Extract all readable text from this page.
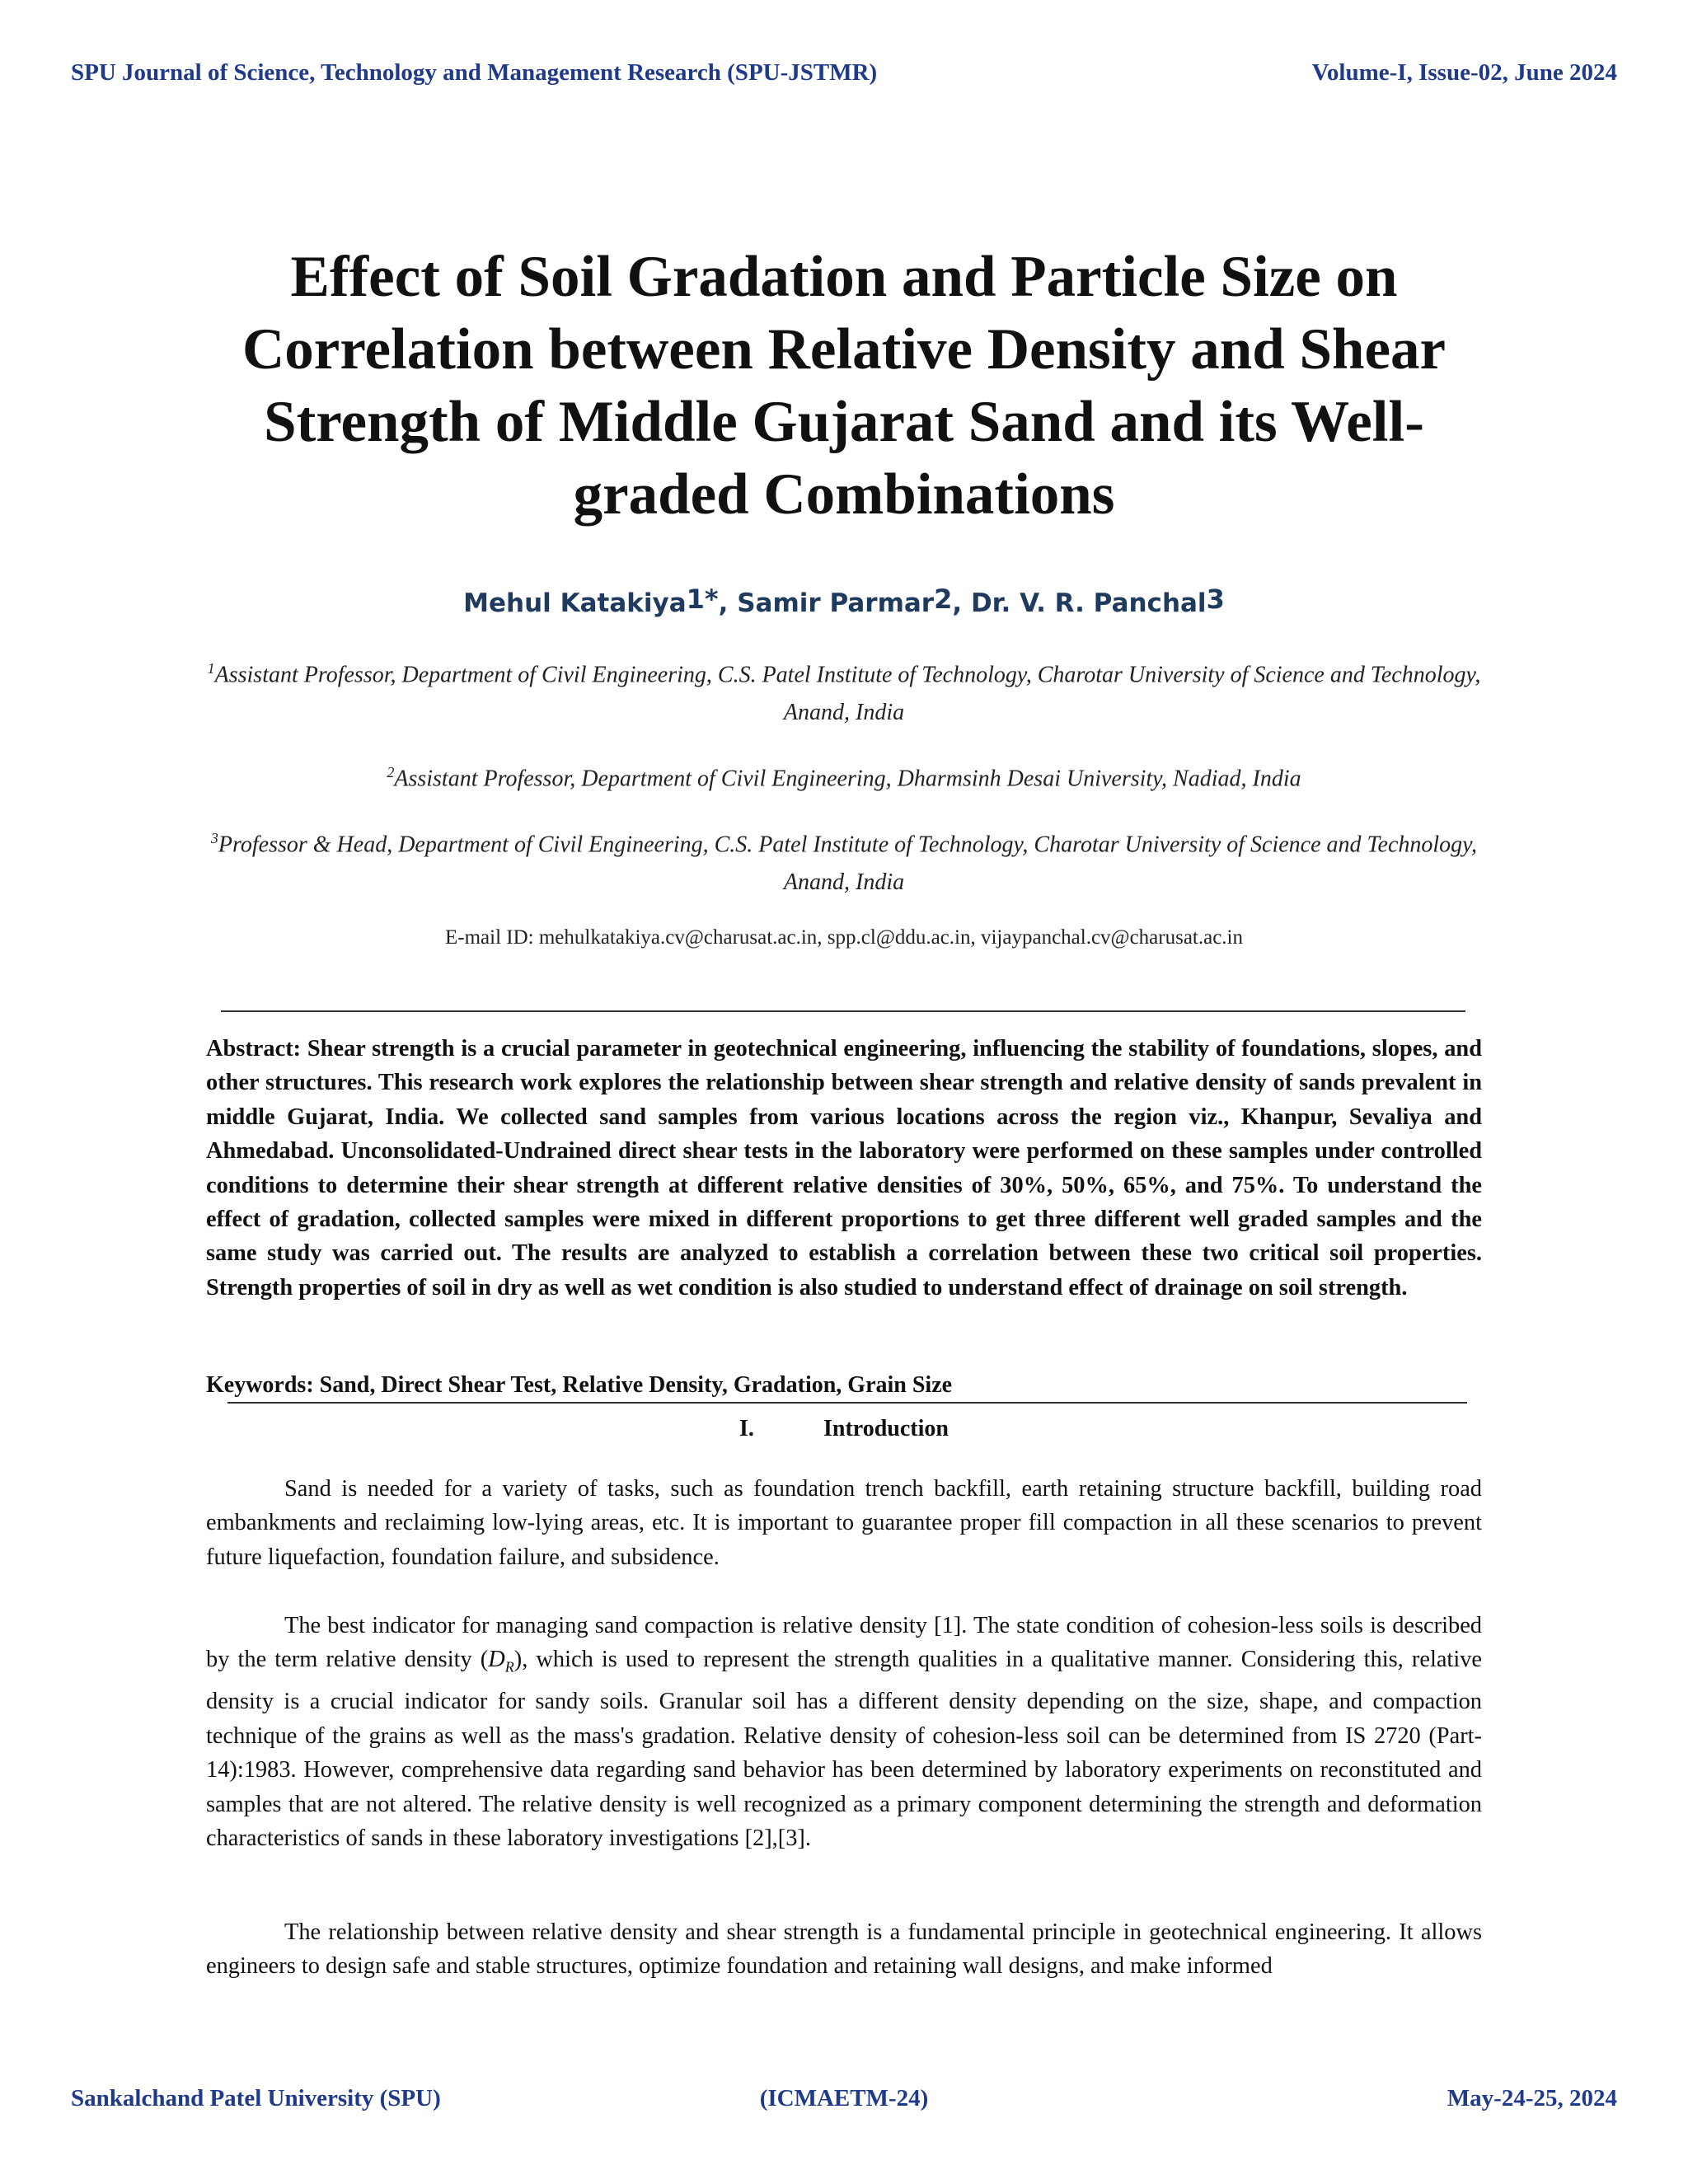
SPU Journal of Science, Technology and Management Research (SPU-JSTMR)	Volume-I, Issue-02, June 2024
Effect of Soil Gradation and Particle Size on
Correlation between Relative Density and Shear
Strength of Middle Gujarat Sand and its Well-
graded Combinations
Mehul Katakiya$^{1*}$, Samir Parmar$^2$, Dr. V. R. Panchal$^3$
$^1$Assistant Professor, Department of Civil Engineering, C.S. Patel Institute of Technology, Charotar University of Science and Technology, Anand, India
$^2$Assistant Professor, Department of Civil Engineering, Dharmsinh Desai University, Nadiad, India
$^3$Professor & Head, Department of Civil Engineering, C.S. Patel Institute of Technology, Charotar University of Science and Technology, Anand, India
E-mail ID: mehulkatakiya.cv@charusat.ac.in, spp.cl@ddu.ac.in, vijaypanchal.cv@charusat.ac.in
Abstract: Shear strength is a crucial parameter in geotechnical engineering, influencing the stability of foundations, slopes, and other structures. This research work explores the relationship between shear strength and relative density of sands prevalent in middle Gujarat, India. We collected sand samples from various locations across the region viz., Khanpur, Sevaliya and Ahmedabad. Unconsolidated-Undrained direct shear tests in the laboratory were performed on these samples under controlled conditions to determine their shear strength at different relative densities of 30%, 50%, 65%, and 75%. To understand the effect of gradation, collected samples were mixed in different proportions to get three different well graded samples and the same study was carried out. The results are analyzed to establish a correlation between these two critical soil properties. Strength properties of soil in dry as well as wet condition is also studied to understand effect of drainage on soil strength.
Keywords: Sand, Direct Shear Test, Relative Density, Gradation, Grain Size
I.	Introduction
Sand is needed for a variety of tasks, such as foundation trench backfill, earth retaining structure backfill, building road embankments and reclaiming low-lying areas, etc. It is important to guarantee proper fill compaction in all these scenarios to prevent future liquefaction, foundation failure, and subsidence.
The best indicator for managing sand compaction is relative density [1]. The state condition of cohesion-less soils is described by the term relative density $(D_R)$, which is used to represent the strength qualities in a qualitative manner. Considering this, relative density is a crucial indicator for sandy soils. Granular soil has a different density depending on the size, shape, and compaction technique of the grains as well as the mass's gradation. Relative density of cohesion-less soil can be determined from IS 2720 (Part-14):1983. However, comprehensive data regarding sand behavior has been determined by laboratory experiments on reconstituted and samples that are not altered. The relative density is well recognized as a primary component determining the strength and deformation characteristics of sands in these laboratory investigations [2],[3].
The relationship between relative density and shear strength is a fundamental principle in geotechnical engineering. It allows engineers to design safe and stable structures, optimize foundation and retaining wall designs, and make informed
Sankalchand Patel University (SPU)	(ICMAETM-24)	May-24-25, 2024
